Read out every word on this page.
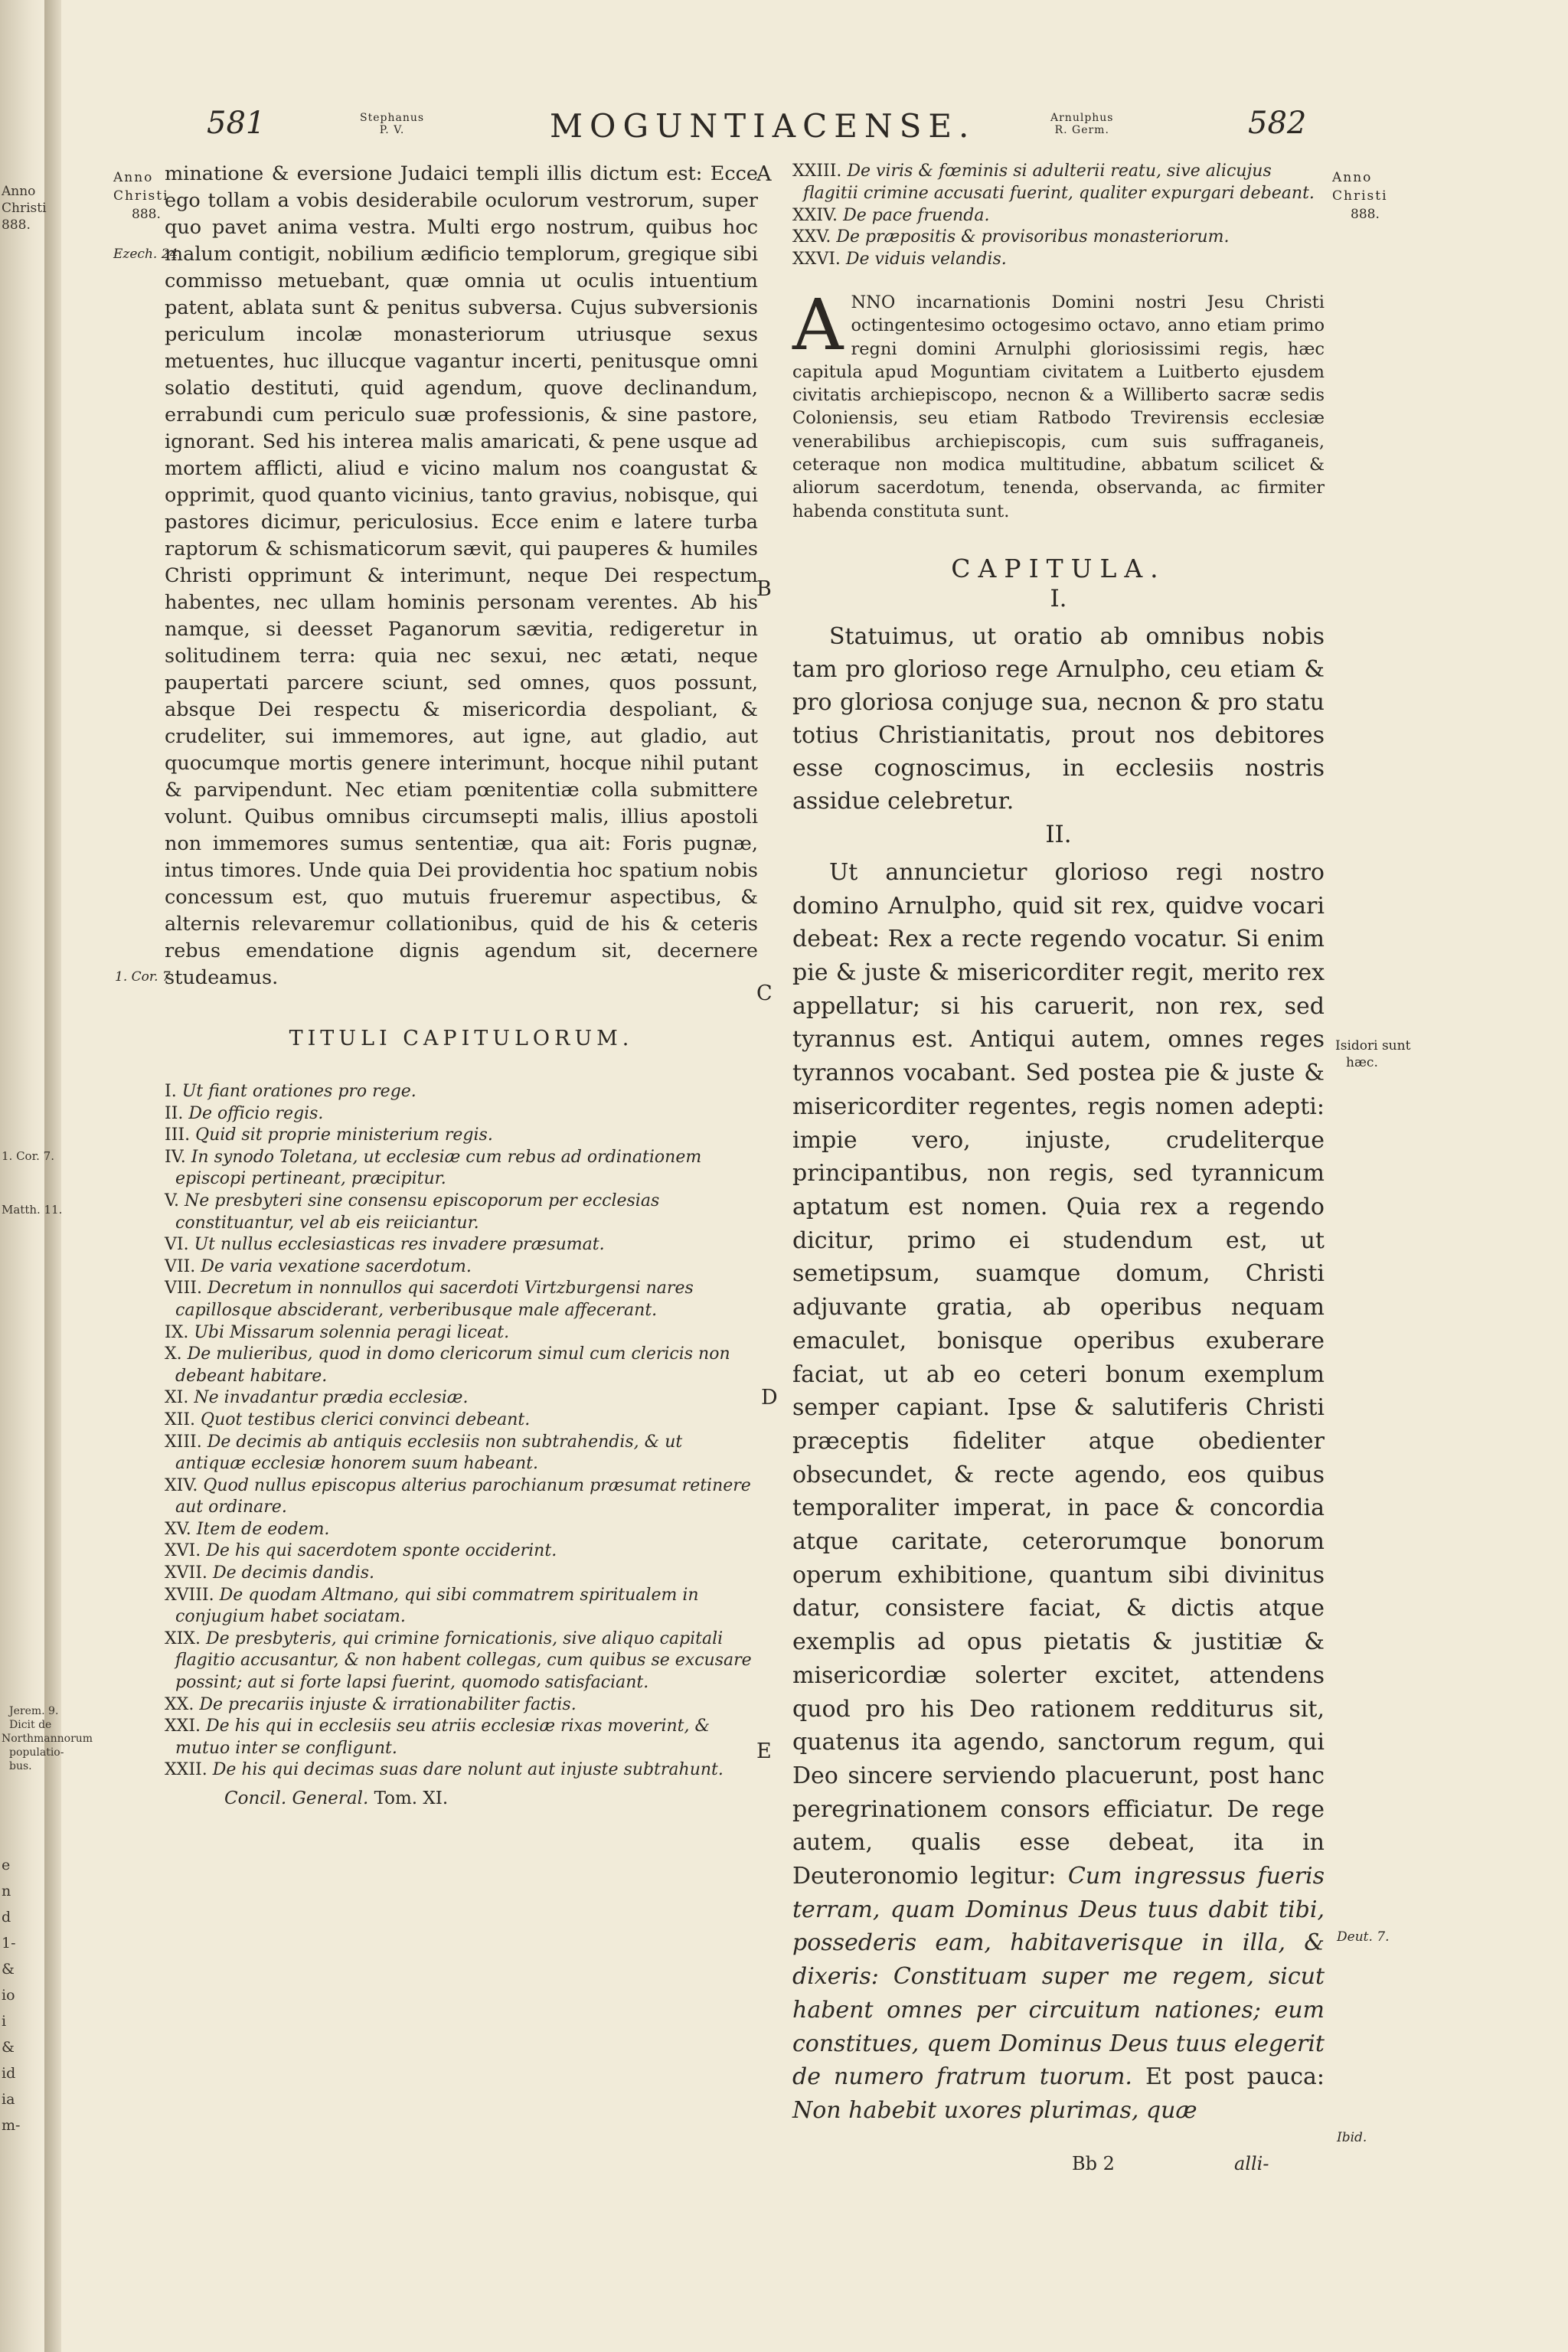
Anno
Christi
888.
1. Cor. 7.
Matth. 11.
Jerem. 9.
Dicit de
Northmannorum
populatio-
bus.
e
n
d
1-
&
io
i
&
id
ia
m-
581	Stephanus
P. V.	MOGUNTIACENSE.	Arnulphus
R. Germ.	582
Anno
Christi
888.
Ezech. 24.
1. Cor. 7.
Anno
Christi
888.
Isidori sunt
hæc.
Deut. 7.
Ibid.
A
B
C
D
E

minatione & eversione Judaici templi illis dictum est: Ecce ego tollam a vobis desiderabile oculorum vestrorum, super quo pavet anima vestra. Multi ergo nostrum, quibus hoc malum contigit, nobilium ædificio templorum, gregique sibi commisso metuebant, quæ omnia ut oculis intuentium patent, ablata sunt & penitus subversa. Cujus subversionis periculum incolæ monasteriorum utriusque sexus metuentes, huc illucque vagantur incerti, penitusque omni solatio destituti, quid agendum, quove declinandum, errabundi cum periculo suæ professionis, & sine pastore, ignorant. Sed his interea malis amaricati, & pene usque ad mortem afflicti, aliud e vicino malum nos coangustat & opprimit, quod quanto vicinius, tanto gravius, nobisque, qui pastores dicimur, periculosius. Ecce enim e latere turba raptorum & schismaticorum sævit, qui pauperes & humiles Christi opprimunt & interimunt, neque Dei respectum habentes, nec ullam hominis personam verentes. Ab his namque, si deesset Paganorum sævitia, redigeretur in solitudinem terra: quia nec sexui, nec ætati, neque paupertati parcere sciunt, sed omnes, quos possunt, absque Dei respectu & misericordia despoliant, & crudeliter, sui immemores, aut igne, aut gladio, aut quocumque mortis genere interimunt, hocque nihil putant & parvipendunt. Nec etiam pœnitentiæ colla submittere volunt. Quibus omnibus circumsepti malis, illius apostoli non immemores sumus sententiæ, qua ait: Foris pugnæ, intus timores. Unde quia Dei providentia hoc spatium nobis concessum est, quo mutuis frueremur aspectibus, & alternis relevaremur collationibus, quid de his & ceteris rebus emendatione dignis agendum sit, decernere studeamus.

TITULI CAPITULORUM.
I. Ut fiant orationes pro rege.
II. De officio regis.
III. Quid sit proprie ministerium regis.
IV. In synodo Toletana, ut ecclesiæ cum rebus ad ordinationem episcopi pertineant, præcipitur.
V. Ne presbyteri sine consensu episcoporum per ecclesias constituantur, vel ab eis reiiciantur.
VI. Ut nullus ecclesiasticas res invadere præsumat.
VII. De varia vexatione sacerdotum.
VIII. Decretum in nonnullos qui sacerdoti Virtzburgensi nares capillosque absciderant, verberibusque male affecerant.
IX. Ubi Missarum solennia peragi liceat.
X. De mulieribus, quod in domo clericorum simul cum clericis non debeant habitare.
XI. Ne invadantur prædia ecclesiæ.
XII. Quot testibus clerici convinci debeant.
XIII. De decimis ab antiquis ecclesiis non subtrahendis, & ut antiquæ ecclesiæ honorem suum habeant.
XIV. Quod nullus episcopus alterius parochianum præsumat retinere aut ordinare.
XV. Item de eodem.
XVI. De his qui sacerdotem sponte occiderint.
XVII. De decimis dandis.
XVIII. De quodam Altmano, qui sibi commatrem spiritualem in conjugium habet sociatam.
XIX. De presbyteris, qui crimine fornicationis, sive aliquo capitali flagitio accusantur, & non habent collegas, cum quibus se excusare possint; aut si forte lapsi fuerint, quomodo satisfaciant.
XX. De precariis injuste & irrationabiliter factis.
XXI. De his qui in ecclesiis seu atriis ecclesiæ rixas moverint, & mutuo inter se confligunt.
XXII. De his qui decimas suas dare nolunt aut injuste subtrahunt.
Concil. General. Tom. XI.
XXIII. De viris & fœminis si adulterii reatu, sive alicujus flagitii crimine accusati fuerint, qualiter expurgari debeant.
XXIV. De pace fruenda.
XXV. De præpositis & provisoribus monasteriorum.
XXVI. De viduis velandis.

ANNO incarnationis Domini nostri Jesu Christi octingentesimo octogesimo octavo, anno etiam primo regni domini Arnulphi gloriosissimi regis, hæc capitula apud Moguntiam civitatem a Luitberto ejusdem civitatis archiepiscopo, necnon & a Williberto sacræ sedis Coloniensis, seu etiam Ratbodo Trevirensis ecclesiæ venerabilibus archiepiscopis, cum suis suffraganeis, ceteraque non modica multitudine, abbatum scilicet & aliorum sacerdotum, tenenda, observanda, ac firmiter habenda constituta sunt.

CAPITULA.
I.

Statuimus, ut oratio ab omnibus nobis tam pro glorioso rege Arnulpho, ceu etiam & pro gloriosa conjuge sua, necnon & pro statu totius Christianitatis, prout nos debitores esse cognoscimus, in ecclesiis nostris assidue celebretur.

II.

Ut annuncietur glorioso regi nostro domino Arnulpho, quid sit rex, quidve vocari debeat: Rex a recte regendo vocatur. Si enim pie & juste & misericorditer regit, merito rex appellatur; si his caruerit, non rex, sed tyrannus est. Antiqui autem, omnes reges tyrannos vocabant. Sed postea pie & juste & misericorditer regentes, regis nomen adepti: impie vero, injuste, crudeliterque principantibus, non regis, sed tyrannicum aptatum est nomen. Quia rex a regendo dicitur, primo ei studendum est, ut semetipsum, suamque domum, Christi adjuvante gratia, ab operibus nequam emaculet, bonisque operibus exuberare faciat, ut ab eo ceteri bonum exemplum semper capiant. Ipse & salutiferis Christi præceptis fideliter atque obedienter obsecundet, & recte agendo, eos quibus temporaliter imperat, in pace & concordia atque caritate, ceterorumque bonorum operum exhibitione, quantum sibi divinitus datur, consistere faciat, & dictis atque exemplis ad opus pietatis & justitiæ & misericordiæ solerter excitet, attendens quod pro his Deo rationem redditurus sit, quatenus ita agendo, sanctorum regum, qui Deo sincere serviendo placuerunt, post hanc peregrinationem consors efficiatur. De rege autem, qualis esse debeat, ita in Deuteronomio legitur: Cum ingressus fueris terram, quam Dominus Deus tuus dabit tibi, possederis eam, habitaverisque in illa, & dixeris: Constituam super me regem, sicut habent omnes per circuitum nationes; eum constitues, quem Dominus Deus tuus elegerit de numero fratrum tuorum. Et post pauca: Non habebit uxores plurimas, quæ

Bb 2	alli-
